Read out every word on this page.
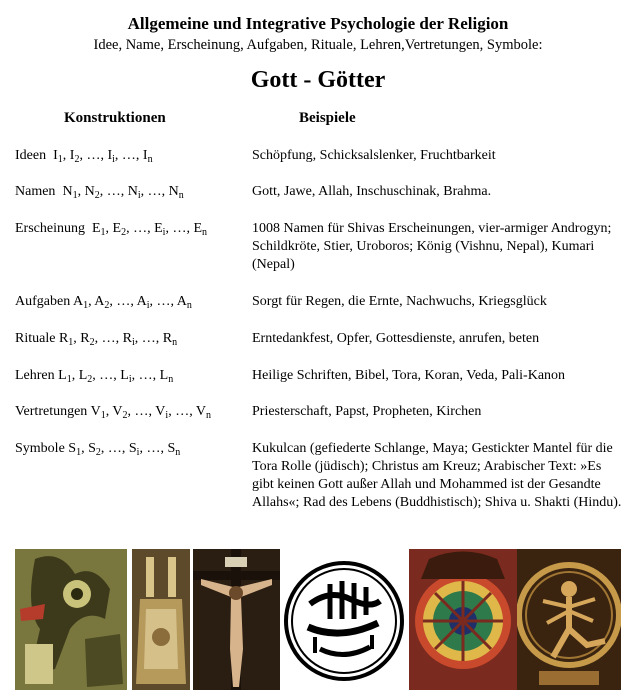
Allgemeine und Integrative Psychologie der Religion
Idee, Name, Erscheinung, Aufgaben, Rituale, Lehren,Vertretungen, Symbole:
Gott - Götter
Konstruktionen	Beispiele
Ideen $I_1$, $I_2$, …, $I_i$, …, $I_n$	Schöpfung, Schicksalslenker, Fruchtbarkeit
Namen $N_1$, $N_2$, …, $N_i$, …, $N_n$	Gott, Jawe, Allah, Inschuschinak, Brahma.
Erscheinung $E_1$, $E_2$, …, $E_i$, …, $E_n$	1008 Namen für Shivas Erscheinungen, vier-armiger Androgyn; Schildkröte, Stier, Uroboros; König (Vishnu, Nepal), Kumari (Nepal)
Aufgaben $A_1$, $A_2$, …, $A_i$, …, $A_n$	Sorgt für Regen, die Ernte, Nachwuchs, Kriegsglück
Rituale $R_1$, $R_2$, …, $R_i$, …, $R_n$	Erntedankfest, Opfer, Gottesdienste, anrufen, beten
Lehren $L_1$, $L_2$, …, $L_i$, …, $L_n$	Heilige Schriften, Bibel, Tora, Koran, Veda, Pali-Kanon
Vertretungen $V_1$, $V_2$, …, $V_i$, …, $V_n$	Priesterschaft, Papst, Propheten, Kirchen
Symbole $S_1$, $S_2$, …, $S_i$, …, $S_n$	Kukulcan (gefiederte Schlange, Maya; Gestickter Mantel für die Tora Rolle (jüdisch); Christus am Kreuz; Arabischer Text: »Es gibt keinen Gott außer Allah und Mohammed ist der Gesandte Allahs«; Rad des Lebens (Buddhistisch); Shiva u. Shakti (Hindu).
